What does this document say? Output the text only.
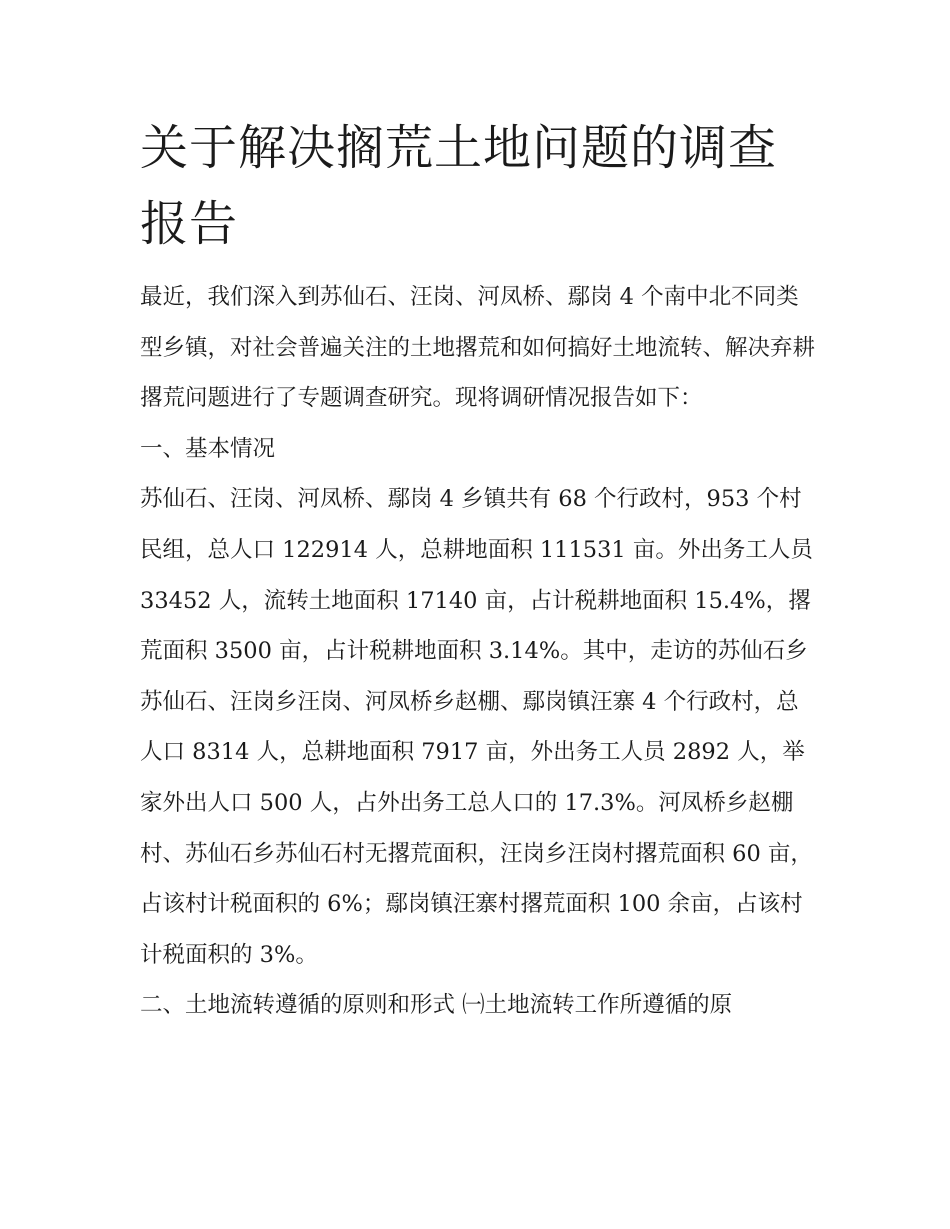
关于解决搁荒土地问题的调查报告

最近，我们深入到苏仙石、汪岗、河凤桥、鄢岗 4 个南中北不同类型乡镇，对社会普遍关注的土地撂荒和如何搞好土地流转、解决弃耕撂荒问题进行了专题调查研究。现将调研情况报告如下：

一、基本情况

苏仙石、汪岗、河凤桥、鄢岗 4 乡镇共有 68 个行政村，953 个村民组，总人口 122914 人，总耕地面积 111531 亩。外出务工人员 33452 人，流转土地面积 17140 亩，占计税耕地面积 15.4%，撂荒面积 3500 亩，占计税耕地面积 3.14%。其中，走访的苏仙石乡苏仙石、汪岗乡汪岗、河凤桥乡赵棚、鄢岗镇汪寨 4 个行政村，总人口 8314 人，总耕地面积 7917 亩，外出务工人员 2892 人，举家外出人口 500 人，占外出务工总人口的 17.3%。河凤桥乡赵棚村、苏仙石乡苏仙石村无撂荒面积，汪岗乡汪岗村撂荒面积 60 亩，占该村计税面积的 6%；鄢岗镇汪寨村撂荒面积 100 余亩，占该村计税面积的 3%。

二、土地流转遵循的原则和形式 ㈠土地流转工作所遵循的原
